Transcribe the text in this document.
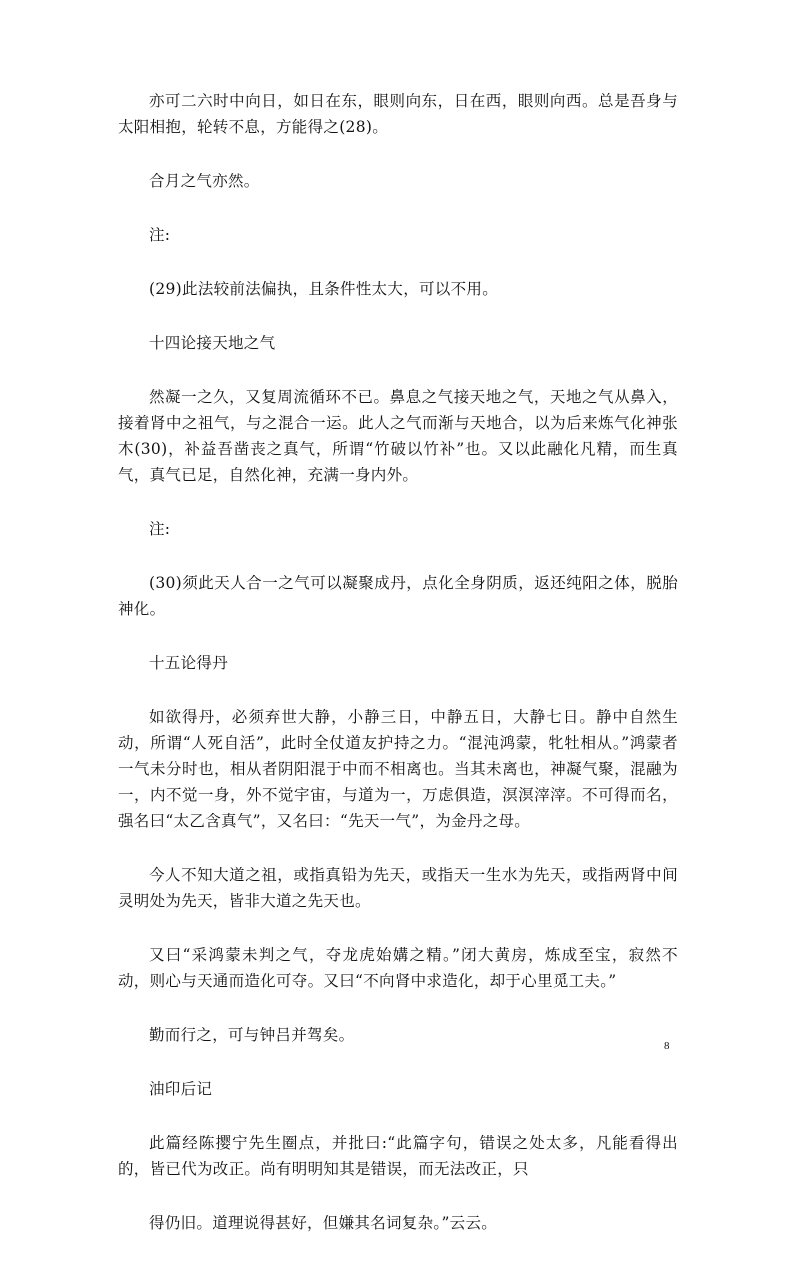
亦可二六时中向日，如日在东，眼则向东，日在西，眼则向西。总是吾身与太阳相抱，轮转不息，方能得之(28)。

合月之气亦然。

注:

(29)此法较前法偏执，且条件性太大，可以不用。

十四论接天地之气

然凝一之久，又复周流循环不已。鼻息之气接天地之气，天地之气从鼻入，接着肾中之祖气，与之混合一运。此人之气而渐与天地合，以为后来炼气化神张木(30)，补益吾凿丧之真气，所谓“竹破以竹补”也。又以此融化凡精，而生真气，真气已足，自然化神，充满一身内外。

注:

(30)须此天人合一之气可以凝聚成丹，点化全身阴质，返还纯阳之体，脱胎神化。

十五论得丹

如欲得丹，必须弃世大静，小静三日，中静五日，大静七日。静中自然生动，所谓“人死自活”，此时全仗道友护持之力。“混沌鸿蒙，牝牡相从。”鸿蒙者一气未分时也，相从者阴阳混于中而不相离也。当其未离也，神凝气聚，混融为一，内不觉一身，外不觉宇宙，与道为一，万虑俱造，溟溟滓滓。不可得而名，强名曰“太乙含真气”，又名曰：“先天一气”，为金丹之母。

今人不知大道之祖，或指真铅为先天，或指天一生水为先天，或指两肾中间灵明处为先天，皆非大道之先天也。

又曰“采鸿蒙未判之气，夺龙虎始媾之精。”闭大黄房，炼成至宝，寂然不动，则心与天通而造化可夺。又曰“不向肾中求造化，却于心里觅工夫。”

勤而行之，可与钟吕并驾矣。

油印后记

此篇经陈撄宁先生圈点，并批曰:“此篇字句，错误之处太多，凡能看得出的，皆已代为改正。尚有明明知其是错误，而无法改正，只

得仍旧。道理说得甚好，但嫌其名词复杂。”云云。

8
